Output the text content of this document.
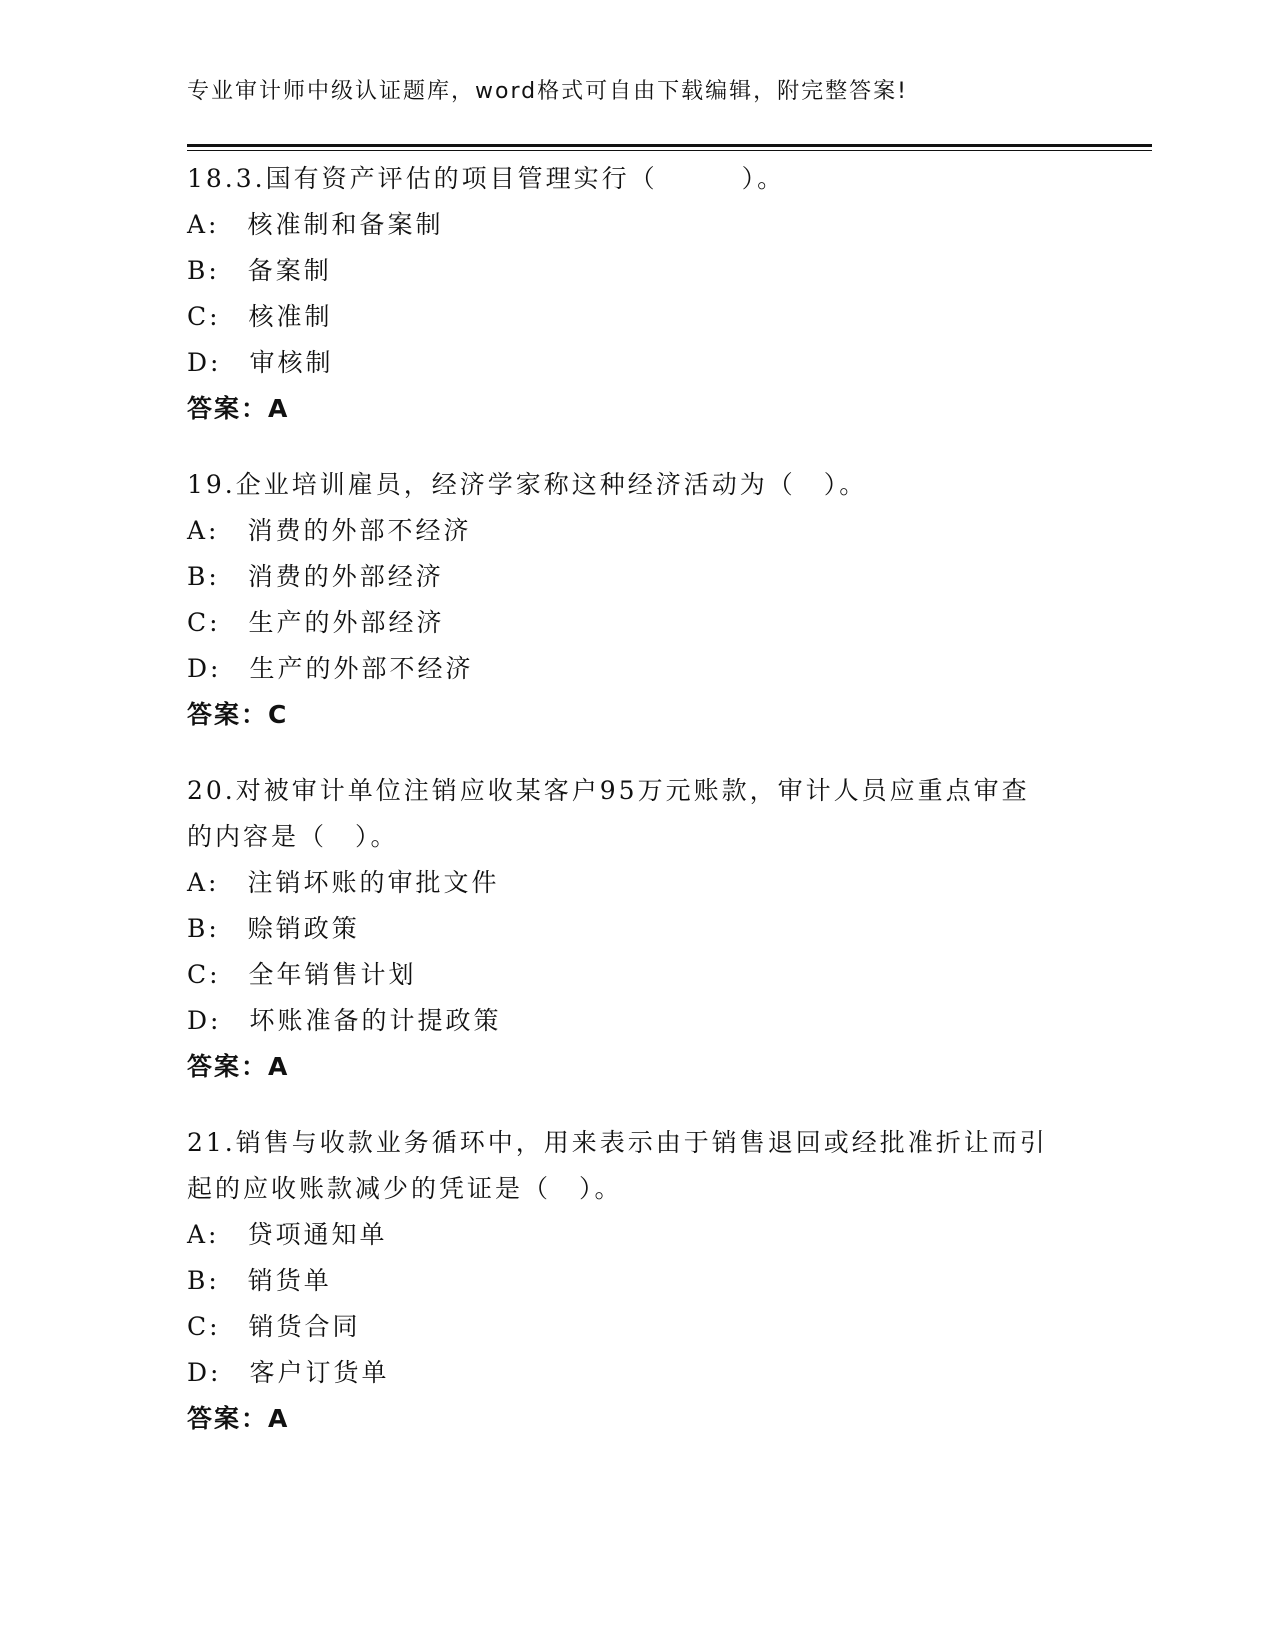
专业审计师中级认证题库，word格式可自由下载编辑，附完整答案!
18.3.国有资产评估的项目管理实行（　　　）。
A:　核准制和备案制
B:　备案制
C:　核准制
D:　审核制
答案：A
19.企业培训雇员，经济学家称这种经济活动为（　）。
A:　消费的外部不经济
B:　消费的外部经济
C:　生产的外部经济
D:　生产的外部不经济
答案：C
20.对被审计单位注销应收某客户95万元账款，审计人员应重点审查
的内容是（　）。
A:　注销坏账的审批文件
B:　赊销政策
C:　全年销售计划
D:　坏账准备的计提政策
答案：A
21.销售与收款业务循环中，用来表示由于销售退回或经批准折让而引
起的应收账款减少的凭证是（　）。
A:　贷项通知单
B:　销货单
C:　销货合同
D:　客户订货单
答案：A
